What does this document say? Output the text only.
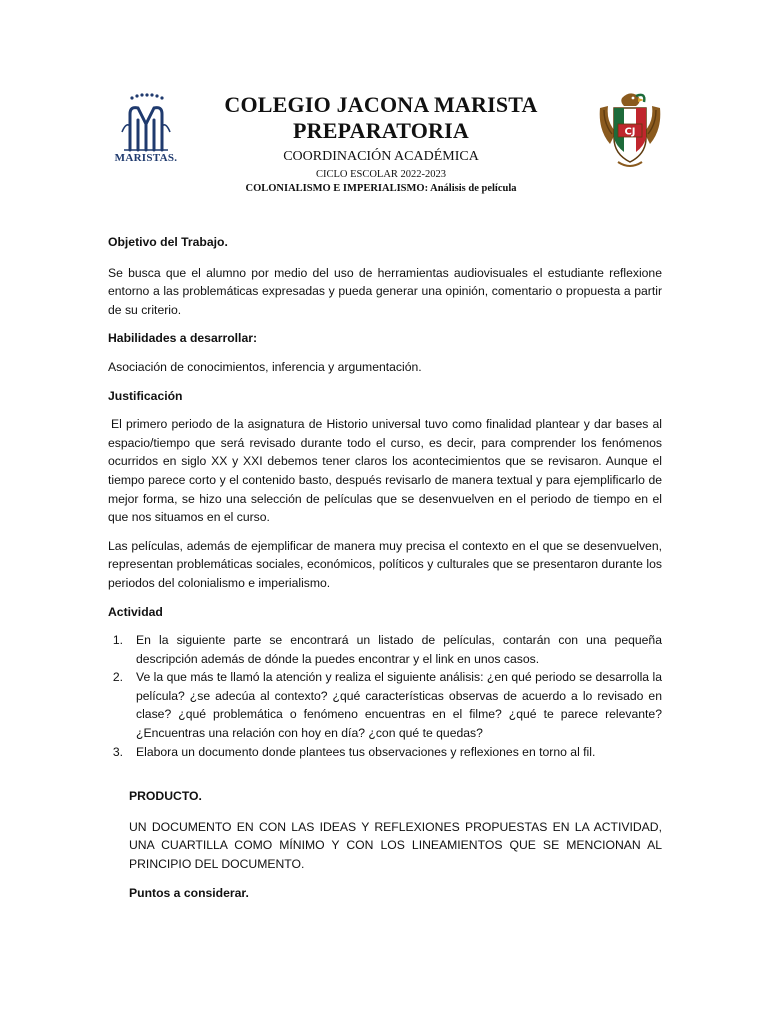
MARISTAS.
COLEGIO JACONA MARISTA
PREPARATORIA
COORDINACIÓN ACADÉMICA
CICLO ESCOLAR 2022-2023
COLONIALISMO E IMPERIALISMO: Análisis de película
CJ

Objetivo del Trabajo.

Se busca que el alumno por medio del uso de herramientas audiovisuales el estudiante reflexione entorno a las problemáticas expresadas y pueda generar una opinión, comentario o propuesta a partir de su criterio.

Habilidades a desarrollar:

Asociación de conocimientos, inferencia y argumentación.

Justificación

El primero periodo de la asignatura de Historio universal tuvo como finalidad plantear y dar bases al espacio/tiempo que será revisado durante todo el curso, es decir, para comprender los fenómenos ocurridos en siglo XX y XXI debemos tener claros los acontecimientos que se revisaron. Aunque el tiempo parece corto y el contenido basto, después revisarlo de manera textual y para ejemplificarlo de mejor forma, se hizo una selección de películas que se desenvuelven en el periodo de tiempo en el que nos situamos en el curso.

Las películas, además de ejemplificar de manera muy precisa el contexto en el que se desenvuelven, representan problemáticas sociales, económicos, políticos y culturales que se presentaron durante los periodos del colonialismo e imperialismo.

Actividad

1. En la siguiente parte se encontrará un listado de películas, contarán con una pequeña descripción además de dónde la puedes encontrar y el link en unos casos.
2. Ve la que más te llamó la atención y realiza el siguiente análisis: ¿en qué periodo se desarrolla la película? ¿se adecúa al contexto? ¿qué características observas de acuerdo a lo revisado en clase? ¿qué problemática o fenómeno encuentras en el filme? ¿qué te parece relevante? ¿Encuentras una relación con hoy en día? ¿con qué te quedas?
3. Elabora un documento donde plantees tus observaciones y reflexiones en torno al fil.

PRODUCTO.

UN DOCUMENTO EN CON LAS IDEAS Y REFLEXIONES PROPUESTAS EN LA ACTIVIDAD, UNA CUARTILLA COMO MÍNIMO Y CON LOS LINEAMIENTOS QUE SE MENCIONAN AL PRINCIPIO DEL DOCUMENTO.

Puntos a considerar.
